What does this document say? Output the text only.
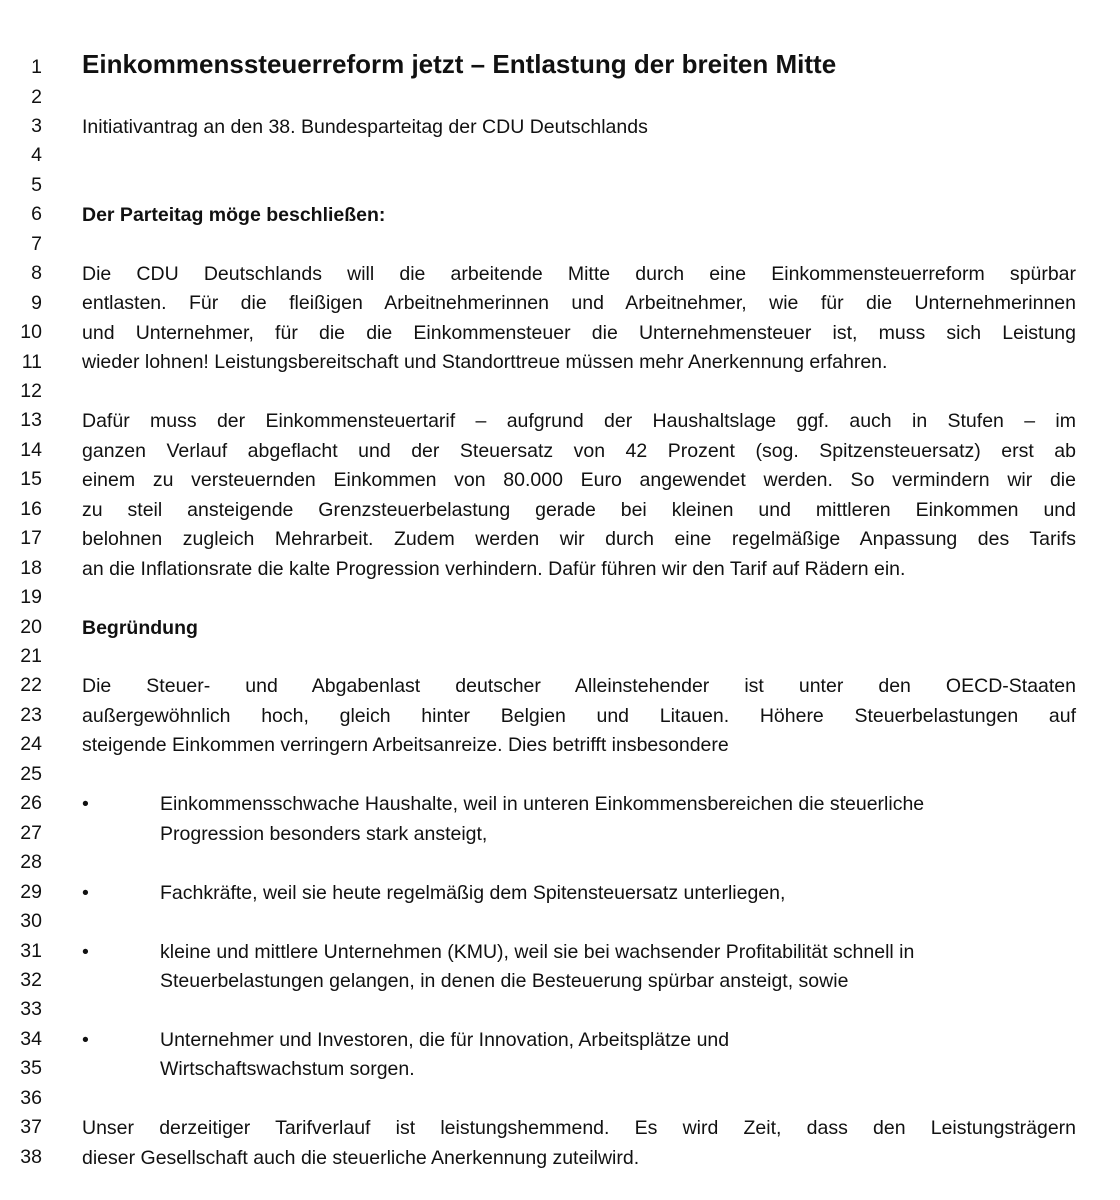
1
2
3
4
5
6
7
8
9
10
11
12
13
14
15
16
17
18
19
20
21
22
23
24
25
26
27
28
29
30
31
32
33
34
35
36
37
38
Einkommenssteuerreform jetzt – Entlastung der breiten Mitte
Initiativantrag an den 38. Bundesparteitag der CDU Deutschlands
Der Parteitag möge beschließen:
Die CDU Deutschlands will die arbeitende Mitte durch eine Einkommensteuerreform spürbar
entlasten. Für die fleißigen Arbeitnehmerinnen und Arbeitnehmer, wie für die Unternehmerinnen
und Unternehmer, für die die Einkommensteuer die Unternehmensteuer ist, muss sich Leistung
wieder lohnen! Leistungsbereitschaft und Standorttreue müssen mehr Anerkennung erfahren.
Dafür muss der Einkommensteuertarif – aufgrund der Haushaltslage ggf. auch in Stufen – im
ganzen Verlauf abgeflacht und der Steuersatz von 42 Prozent (sog. Spitzensteuersatz) erst ab
einem zu versteuernden Einkommen von 80.000 Euro angewendet werden. So vermindern wir die
zu steil ansteigende Grenzsteuerbelastung gerade bei kleinen und mittleren Einkommen und
belohnen zugleich Mehrarbeit. Zudem werden wir durch eine regelmäßige Anpassung des Tarifs
an die Inflationsrate die kalte Progression verhindern. Dafür führen wir den Tarif auf Rädern ein.
Begründung
Die Steuer- und Abgabenlast deutscher Alleinstehender ist unter den OECD-Staaten
außergewöhnlich hoch, gleich hinter Belgien und Litauen. Höhere Steuerbelastungen auf
steigende Einkommen verringern Arbeitsanreize. Dies betrifft insbesondere
•	Einkommensschwache Haushalte, weil in unteren Einkommensbereichen die steuerliche
Progression besonders stark ansteigt,
•	Fachkräfte, weil sie heute regelmäßig dem Spitensteuersatz unterliegen,
•	kleine und mittlere Unternehmen (KMU), weil sie bei wachsender Profitabilität schnell in
Steuerbelastungen gelangen, in denen die Besteuerung spürbar ansteigt, sowie
•	Unternehmer und Investoren, die für Innovation, Arbeitsplätze und
Wirtschaftswachstum sorgen.
Unser derzeitiger Tarifverlauf ist leistungshemmend. Es wird Zeit, dass den Leistungsträgern
dieser Gesellschaft auch die steuerliche Anerkennung zuteilwird.
